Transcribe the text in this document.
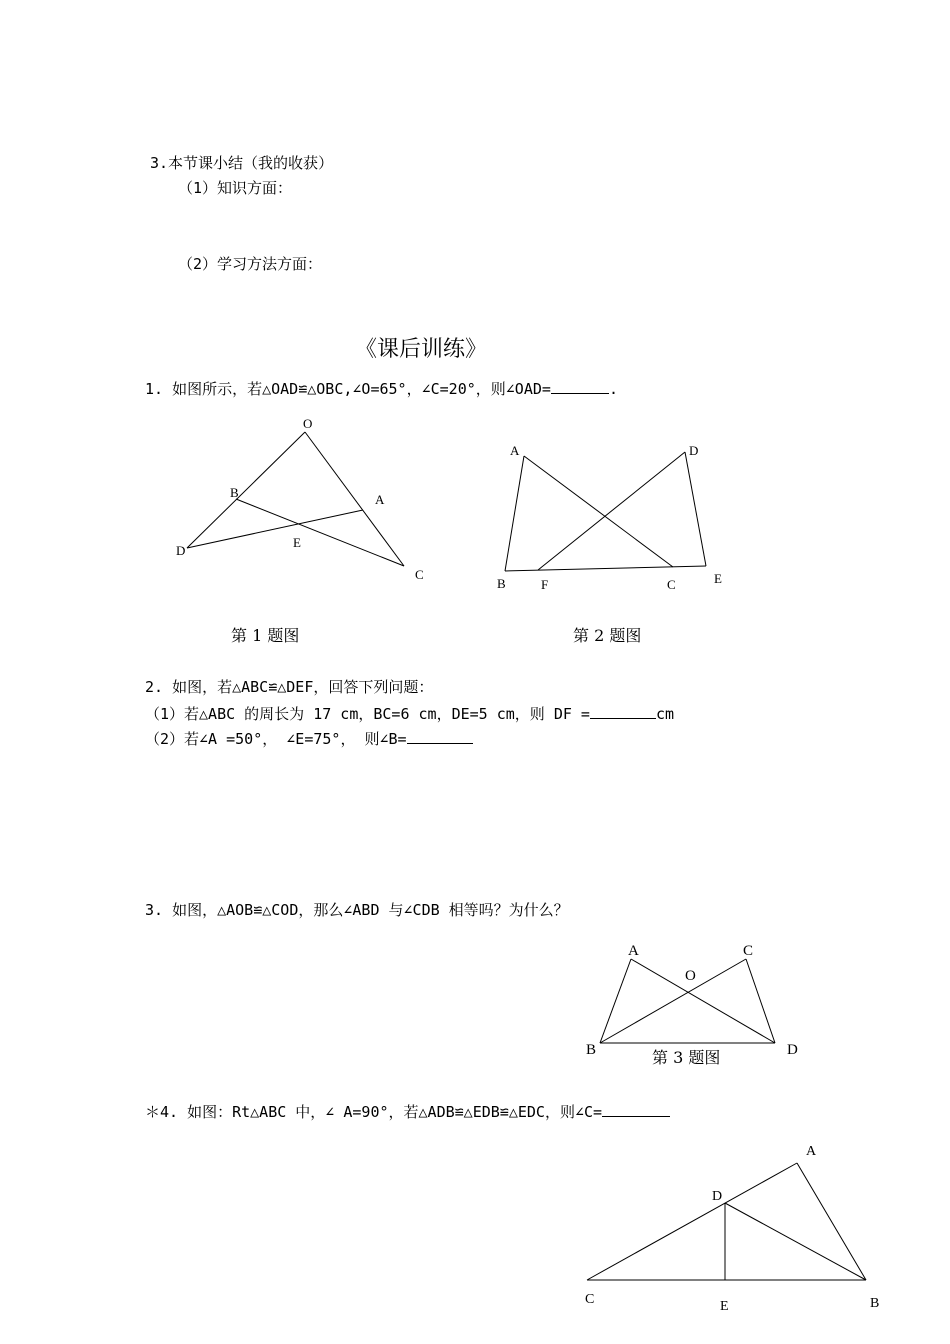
3.本节课小结（我的收获）
（1）知识方面：
（2）学习方法方面：
《课后训练》
1. 如图所示，若△OAD≌△OBC,∠O=65°，∠C=20°，则∠OAD=	.
O
B	A
D
E
C
第 1 题图
A	D
B	F	C	E
第 2 题图
2. 如图，若△ABC≌△DEF，回答下列问题：
（1）若△ABC 的周长为 17 cm，BC=6 cm，DE=5 cm，则 DF =	cm
（2）若∠A =50°， ∠E=75°， 则∠B=
3. 如图，△AOB≌△COD，那么∠ABD 与∠CDB 相等吗？为什么？
A	C
O
B	D
第 3 题图
＊4. 如图：Rt△ABC 中，∠ A=90°，若△ADB≌△EDB≌△EDC，则∠C=
A
D
C	E	B
